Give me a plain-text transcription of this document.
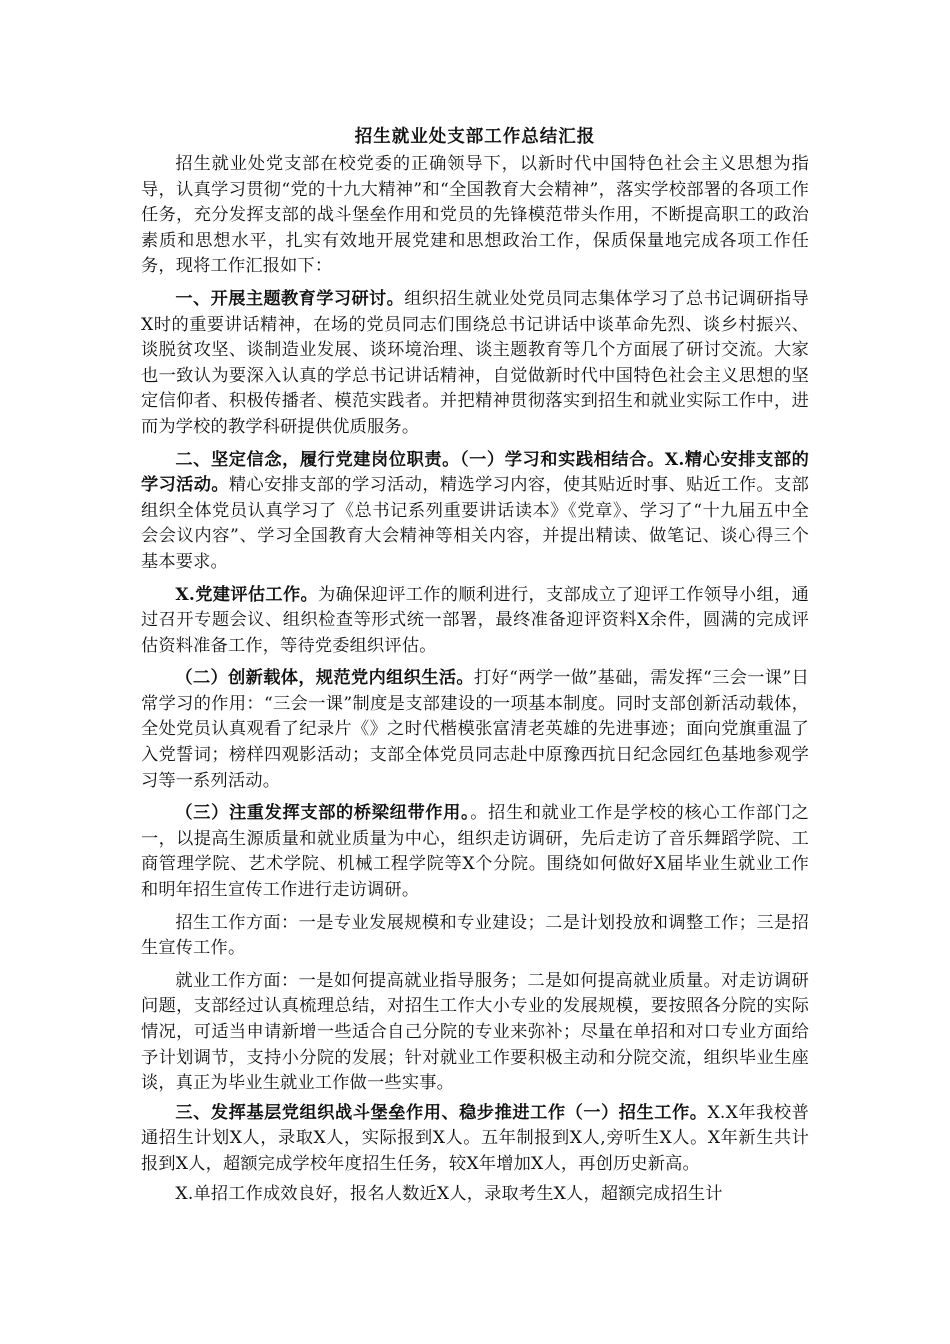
招生就业处支部工作总结汇报

招生就业处党支部在校党委的正确领导下，以新时代中国特色社会主义思想为指导，认真学习贯彻“党的十九大精神”和“全国教育大会精神”，落实学校部署的各项工作任务，充分发挥支部的战斗堡垒作用和党员的先锋模范带头作用，不断提高职工的政治素质和思想水平，扎实有效地开展党建和思想政治工作，保质保量地完成各项工作任务，现将工作汇报如下：

一、开展主题教育学习研讨。组织招生就业处党员同志集体学习了总书记调研指导X时的重要讲话精神，在场的党员同志们围绕总书记讲话中谈革命先烈、谈乡村振兴、谈脱贫攻坚、谈制造业发展、谈环境治理、谈主题教育等几个方面展了研讨交流。大家也一致认为要深入认真的学总书记讲话精神，自觉做新时代中国特色社会主义思想的坚定信仰者、积极传播者、模范实践者。并把精神贯彻落实到招生和就业实际工作中，进而为学校的教学科研提供优质服务。

二、坚定信念，履行党建岗位职责。（一）学习和实践相结合。X.精心安排支部的学习活动。精心安排支部的学习活动，精选学习内容，使其贴近时事、贴近工作。支部组织全体党员认真学习了《总书记系列重要讲话读本》《党章》、学习了“十九届五中全会会议内容”、学习全国教育大会精神等相关内容，并提出精读、做笔记、谈心得三个基本要求。

X.党建评估工作。为确保迎评工作的顺利进行，支部成立了迎评工作领导小组，通过召开专题会议、组织检查等形式统一部署，最终准备迎评资料X余件，圆满的完成评估资料准备工作，等待党委组织评估。

（二）创新载体，规范党内组织生活。打好“两学一做”基础，需发挥“三会一课”日常学习的作用：“三会一课”制度是支部建设的一项基本制度。同时支部创新活动载体，全处党员认真观看了纪录片《》之时代楷模张富清老英雄的先进事迹；面向党旗重温了入党誓词；榜样四观影活动；支部全体党员同志赴中原豫西抗日纪念园红色基地参观学习等一系列活动。

（三）注重发挥支部的桥梁纽带作用。。招生和就业工作是学校的核心工作部门之一，以提高生源质量和就业质量为中心，组织走访调研，先后走访了音乐舞蹈学院、工商管理学院、艺术学院、机械工程学院等X个分院。围绕如何做好X届毕业生就业工作和明年招生宣传工作进行走访调研。

招生工作方面：一是专业发展规模和专业建设；二是计划投放和调整工作；三是招生宣传工作。

就业工作方面：一是如何提高就业指导服务；二是如何提高就业质量。对走访调研问题，支部经过认真梳理总结，对招生工作大小专业的发展规模，要按照各分院的实际情况，可适当申请新增一些适合自己分院的专业来弥补；尽量在单招和对口专业方面给予计划调节，支持小分院的发展；针对就业工作要积极主动和分院交流，组织毕业生座谈，真正为毕业生就业工作做一些实事。

三、发挥基层党组织战斗堡垒作用、稳步推进工作（一）招生工作。X.X年我校普通招生计划X人，录取X人，实际报到X人。五年制报到X人,旁听生X人。X年新生共计报到X人，超额完成学校年度招生任务，较X年增加X人，再创历史新高。

X.单招工作成效良好，报名人数近X人，录取考生X人，超额完成招生计
